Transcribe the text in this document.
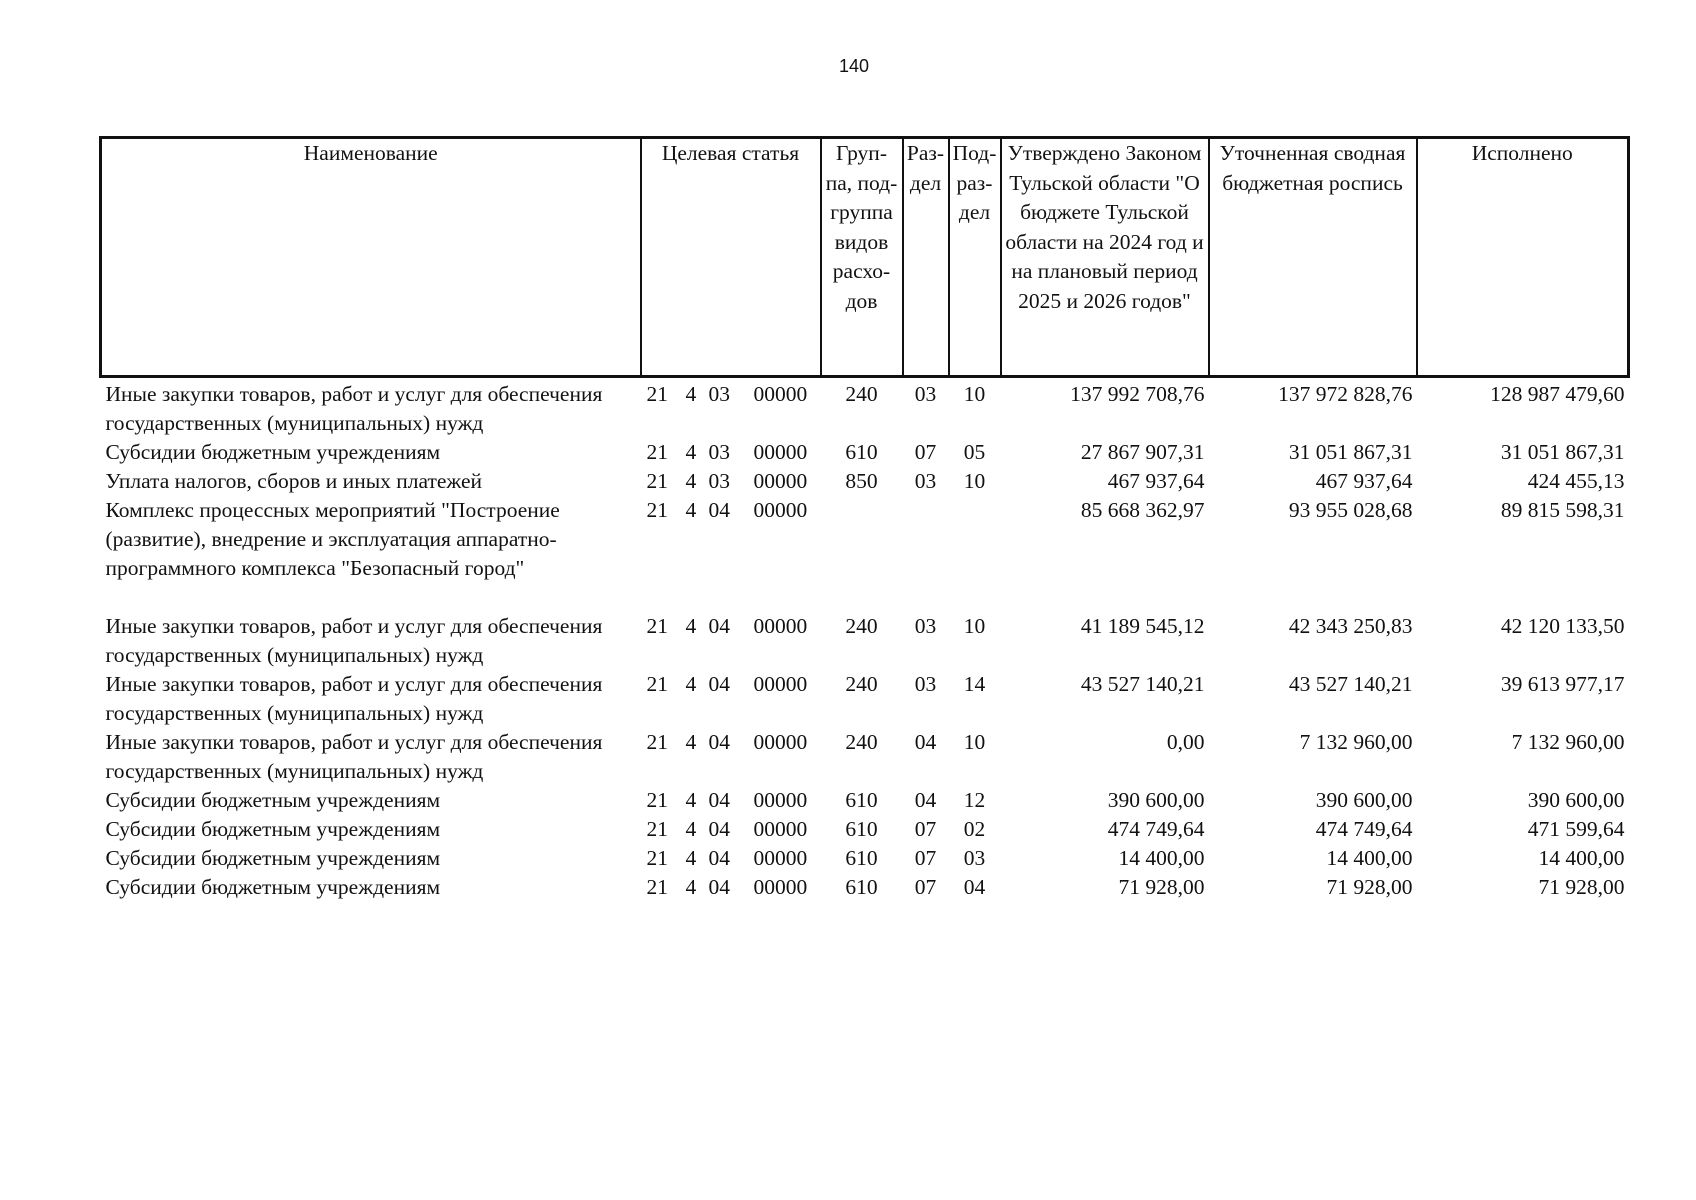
140
Наименование	Целевая статья	Груп-па, под-группа видов расхо-дов	Раз-дел	Под-раз-дел	Утверждено Законом Тульской области "О бюджете Тульской области на 2024 год и на плановый период 2025 и 2026 годов"	Уточненная сводная бюджетная роспись	Исполнено
Иные закупки товаров, работ и услуг для обеспечения государственных (муниципальных) нужд	21 4 03 00000	240	03	10	137 992 708,76	137 972 828,76	128 987 479,60
Субсидии бюджетным учреждениям	21 4 03 00000	610	07	05	27 867 907,31	31 051 867,31	31 051 867,31
Уплата налогов, сборов и иных платежей	21 4 03 00000	850	03	10	467 937,64	467 937,64	424 455,13
Комплекс процессных мероприятий "Построение (развитие), внедрение и эксплуатация аппаратно-программного комплекса "Безопасный город"	21 4 04 00000				85 668 362,97	93 955 028,68	89 815 598,31
Иные закупки товаров, работ и услуг для обеспечения государственных (муниципальных) нужд	21 4 04 00000	240	03	10	41 189 545,12	42 343 250,83	42 120 133,50
Иные закупки товаров, работ и услуг для обеспечения государственных (муниципальных) нужд	21 4 04 00000	240	03	14	43 527 140,21	43 527 140,21	39 613 977,17
Иные закупки товаров, работ и услуг для обеспечения государственных (муниципальных) нужд	21 4 04 00000	240	04	10	0,00	7 132 960,00	7 132 960,00
Субсидии бюджетным учреждениям	21 4 04 00000	610	04	12	390 600,00	390 600,00	390 600,00
Субсидии бюджетным учреждениям	21 4 04 00000	610	07	02	474 749,64	474 749,64	471 599,64
Субсидии бюджетным учреждениям	21 4 04 00000	610	07	03	14 400,00	14 400,00	14 400,00
Субсидии бюджетным учреждениям	21 4 04 00000	610	07	04	71 928,00	71 928,00	71 928,00
